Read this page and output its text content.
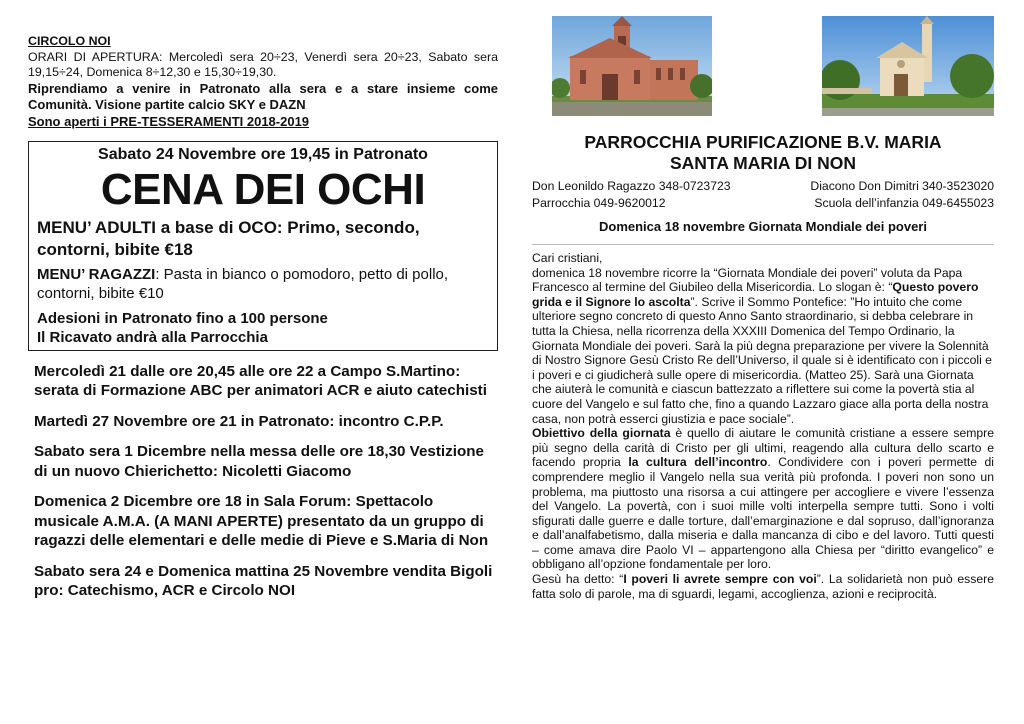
CIRCOLO NOI

ORARI DI APERTURA: Mercoledì sera 20÷23, Venerdì sera 20÷23, Sabato sera 19,15÷24, Domenica 8÷12,30 e 15,30÷19,30.

Riprendiamo a venire in Patronato alla sera e a stare insieme come Comunità. Visione partite calcio SKY e DAZN

Sono aperti i PRE-TESSERAMENTI 2018-2019

Sabato 24 Novembre ore 19,45 in Patronato

CENA DEI OCHI

MENU’ ADULTI a base di OCO: Primo, secondo, contorni, bibite €18

MENU’ RAGAZZI: Pasta in bianco o pomodoro, petto di pollo, contorni, bibite €10

Adesioni in Patronato fino a 100 persone

Il Ricavato andrà alla Parrocchia

Mercoledì 21 dalle ore 20,45 alle ore 22 a Campo S.Martino: serata di Formazione ABC per animatori ACR e aiuto catechisti

Martedì 27 Novembre ore 21 in Patronato: incontro C.P.P.

Sabato sera 1 Dicembre nella messa delle ore 18,30 Vestizione di un nuovo Chierichetto: Nicoletti Giacomo

Domenica 2 Dicembre ore 18 in Sala Forum: Spettacolo musicale A.M.A. (A MANI APERTE) presentato da un gruppo di ragazzi delle elementari e delle medie di Pieve e S.Maria di Non

Sabato sera 24 e Domenica mattina 25 Novembre vendita Bigoli pro: Catechismo, ACR e Circolo NOI

PARROCCHIA PURIFICAZIONE B.V. MARIA

SANTA MARIA DI NON

Don Leonildo Ragazzo 348-0723723	Diacono Don Dimitri 340-3523020
Parrocchia 049-9620012	Scuola dell’infanzia 049-6455023

Domenica 18 novembre Giornata Mondiale dei poveri

Cari cristiani,

domenica 18 novembre ricorre la “Giornata Mondiale dei poveri” voluta da Papa Francesco al termine del Giubileo della Misericordia. Lo slogan è: “Questo povero grida e il Signore lo ascolta”. Scrive il Sommo Pontefice: ”Ho intuito che come ulteriore segno concreto di questo Anno Santo straordinario, si debba celebrare in tutta la Chiesa, nella ricorrenza della XXXIII Domenica del Tempo Ordinario, la Giornata Mondiale dei poveri. Sarà la più degna preparazione per vivere la Solennità di Nostro Signore Gesù Cristo Re dell’Universo, il quale si è identificato con i piccoli e i poveri e ci giudicherà sulle opere di misericordia. (Matteo 25). Sarà una Giornata che aiuterà le comunità e ciascun battezzato a riflettere sui come la povertà stia al cuore del Vangelo e sul fatto che, fino a quando Lazzaro giace alla porta della nostra casa, non potrà esserci giustizia e pace sociale”.

Obiettivo della giornata è quello di aiutare le comunità cristiane a essere sempre più segno della carità di Cristo per gli ultimi, reagendo alla cultura dello scarto e facendo propria la cultura dell’incontro. Condividere con i poveri permette di comprendere meglio il Vangelo nella sua verità più profonda. I poveri non sono un problema, ma piuttosto una risorsa a cui attingere per accogliere e vivere l’essenza del Vangelo. La povertà, con i suoi mille volti interpella sempre tutti. Sono i volti sfigurati dalle guerre e dalle torture, dall’emarginazione e dal sopruso, dall’ignoranza e dall’analfabetismo, dalla miseria e dalla mancanza di cibo e del lavoro. Tutti questi – come amava dire Paolo VI – appartengono alla Chiesa per “diritto evangelico” e obbligano all’opzione fondamentale per loro.

Gesù ha detto: “I poveri li avrete sempre con voi”. La solidarietà non può essere fatta solo di parole, ma di sguardi, legami, accoglienza, azioni e reciprocità.
